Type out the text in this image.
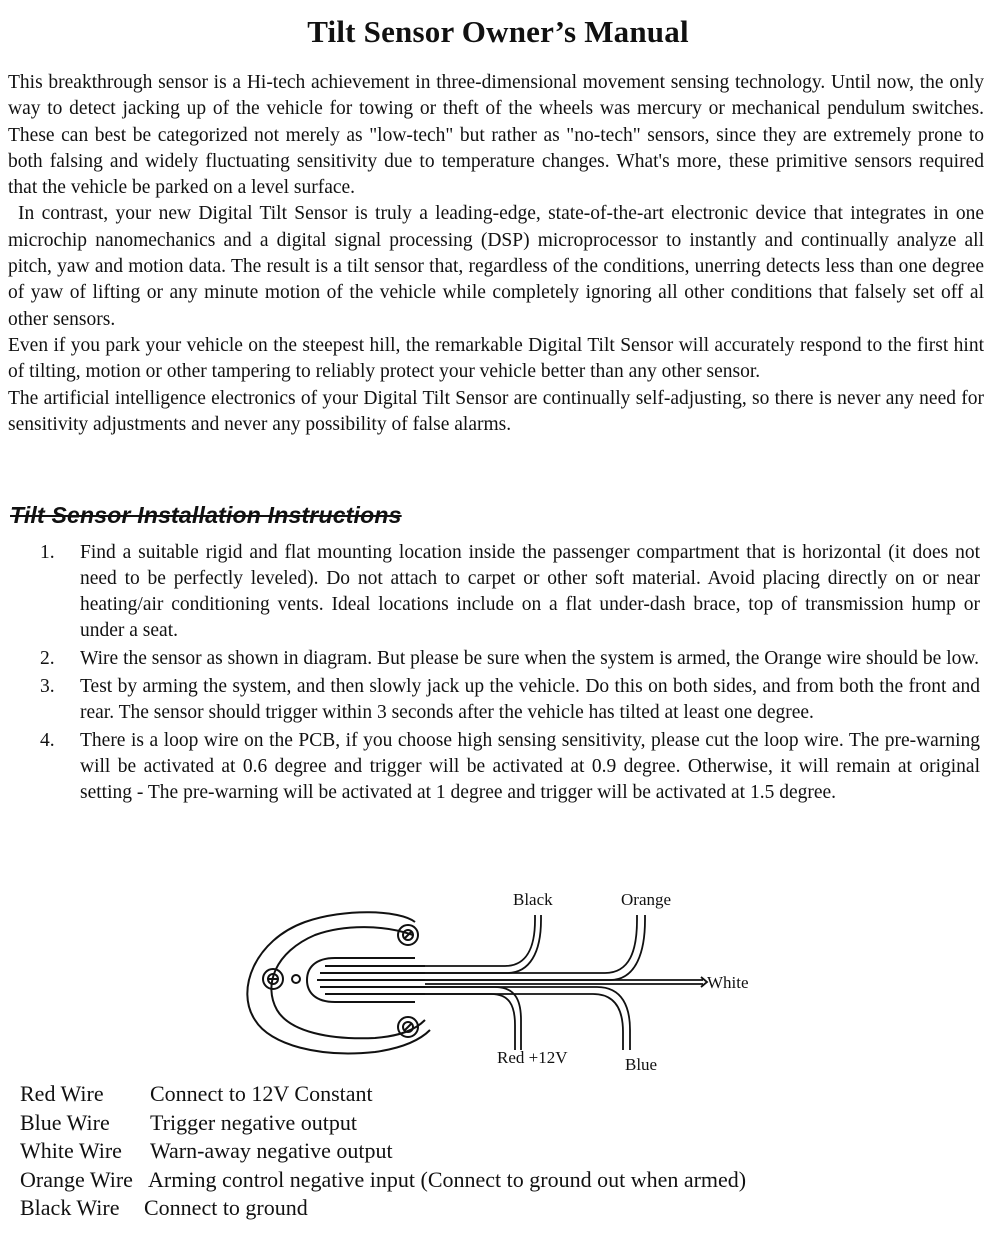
Tilt Sensor Owner’s Manual

This breakthrough sensor is a Hi-tech achievement in three-dimensional movement sensing technology. Until now, the only way to detect jacking up of the vehicle for towing or theft of the wheels was mercury or mechanical pendulum switches. These can best be categorized not merely as "low-tech" but rather as "no-tech" sensors, since they are extremely prone to both falsing and widely fluctuating sensitivity due to temperature changes. What's more, these primitive sensors required that the vehicle be parked on a level surface.

In contrast, your new Digital Tilt Sensor is truly a leading-edge, state-of-the-art electronic device that integrates in one microchip nanomechanics and a digital signal processing (DSP) microprocessor to instantly and continually analyze all pitch, yaw and motion data. The result is a tilt sensor that, regardless of the conditions, unerring detects less than one degree of yaw of lifting or any minute motion of the vehicle while completely ignoring all other conditions that falsely set off al other sensors.

Even if you park your vehicle on the steepest hill, the remarkable Digital Tilt Sensor will accurately respond to the first hint of tilting, motion or other tampering to reliably protect your vehicle better than any other sensor.

The artificial intelligence electronics of your Digital Tilt Sensor are continually self-adjusting, so there is never any need for sensitivity adjustments and never any possibility of false alarms.

Tilt Sensor Installation Instructions
1.	Find a suitable rigid and flat mounting location inside the passenger compartment that is horizontal (it does not need to be perfectly leveled). Do not attach to carpet or other soft material. Avoid placing directly on or near heating/air conditioning vents. Ideal locations include on a flat under-dash brace, top of transmission hump or under a seat.
2.	Wire the sensor as shown in diagram. But please be sure when the system is armed, the Orange wire should be low.
3.	Test by arming the system, and then slowly jack up the vehicle. Do this on both sides, and from both the front and rear. The sensor should trigger within 3 seconds after the vehicle has tilted at least one degree.
4.	There is a loop wire on the PCB, if you choose high sensing sensitivity, please cut the loop wire. The pre-warning will be activated at 0.6 degree and trigger will be activated at 0.9 degree. Otherwise, it will remain at original setting - The pre-warning will be activated at 1 degree and trigger will be activated at 1.5 degree.
Black	Orange
White
Red +12V	Blue
Red Wire	Connect to 12V Constant
Blue Wire	Trigger negative output
White Wire	Warn-away negative output
Orange Wire Arming control negative input (Connect to ground out when armed)
Black Wire	Connect to ground
